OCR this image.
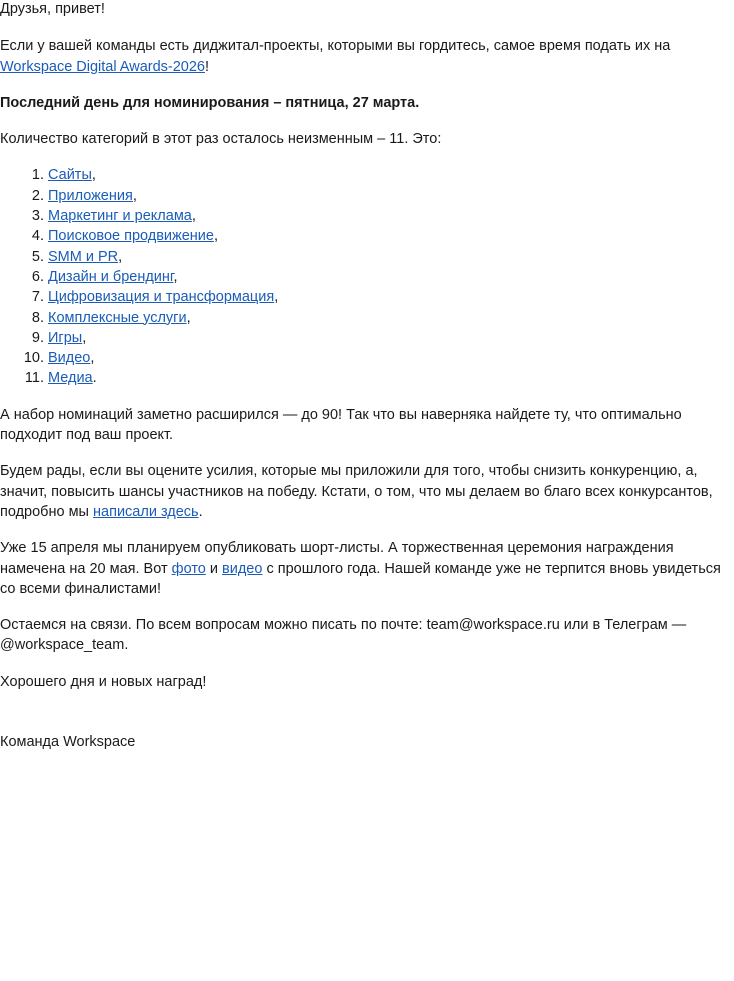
Друзья, привет!

Если у вашей команды есть диджитал-проекты, которыми вы гордитесь, самое время подать их на Workspace Digital Awards-2026!

Последний день для номинирования – пятница, 27 марта.

Количество категорий в этот раз осталось неизменным – 11. Это:

1. Сайты,
2. Приложения,
3. Маркетинг и реклама,
4. Поисковое продвижение,
5. SMM и PR,
6. Дизайн и брендинг,
7. Цифровизация и трансформация,
8. Комплексные услуги,
9. Игры,
10. Видео,
11. Медиа.

А набор номинаций заметно расширился — до 90! Так что вы наверняка найдете ту, что оптимально подходит под ваш проект.

Будем рады, если вы оцените усилия, которые мы приложили для того, чтобы снизить конкуренцию, а, значит, повысить шансы участников на победу. Кстати, о том, что мы делаем во благо всех конкурсантов, подробно мы написали здесь.

Уже 15 апреля мы планируем опубликовать шорт-листы. А торжественная церемония награждения намечена на 20 мая. Вот фото и видео с прошлого года. Нашей команде уже не терпится вновь увидеться со всеми финалистами!

Остаемся на связи. По всем вопросам можно писать по почте: team@workspace.ru или в Телеграм — @workspace_team.

Хорошего дня и новых наград!

Команда Workspace
